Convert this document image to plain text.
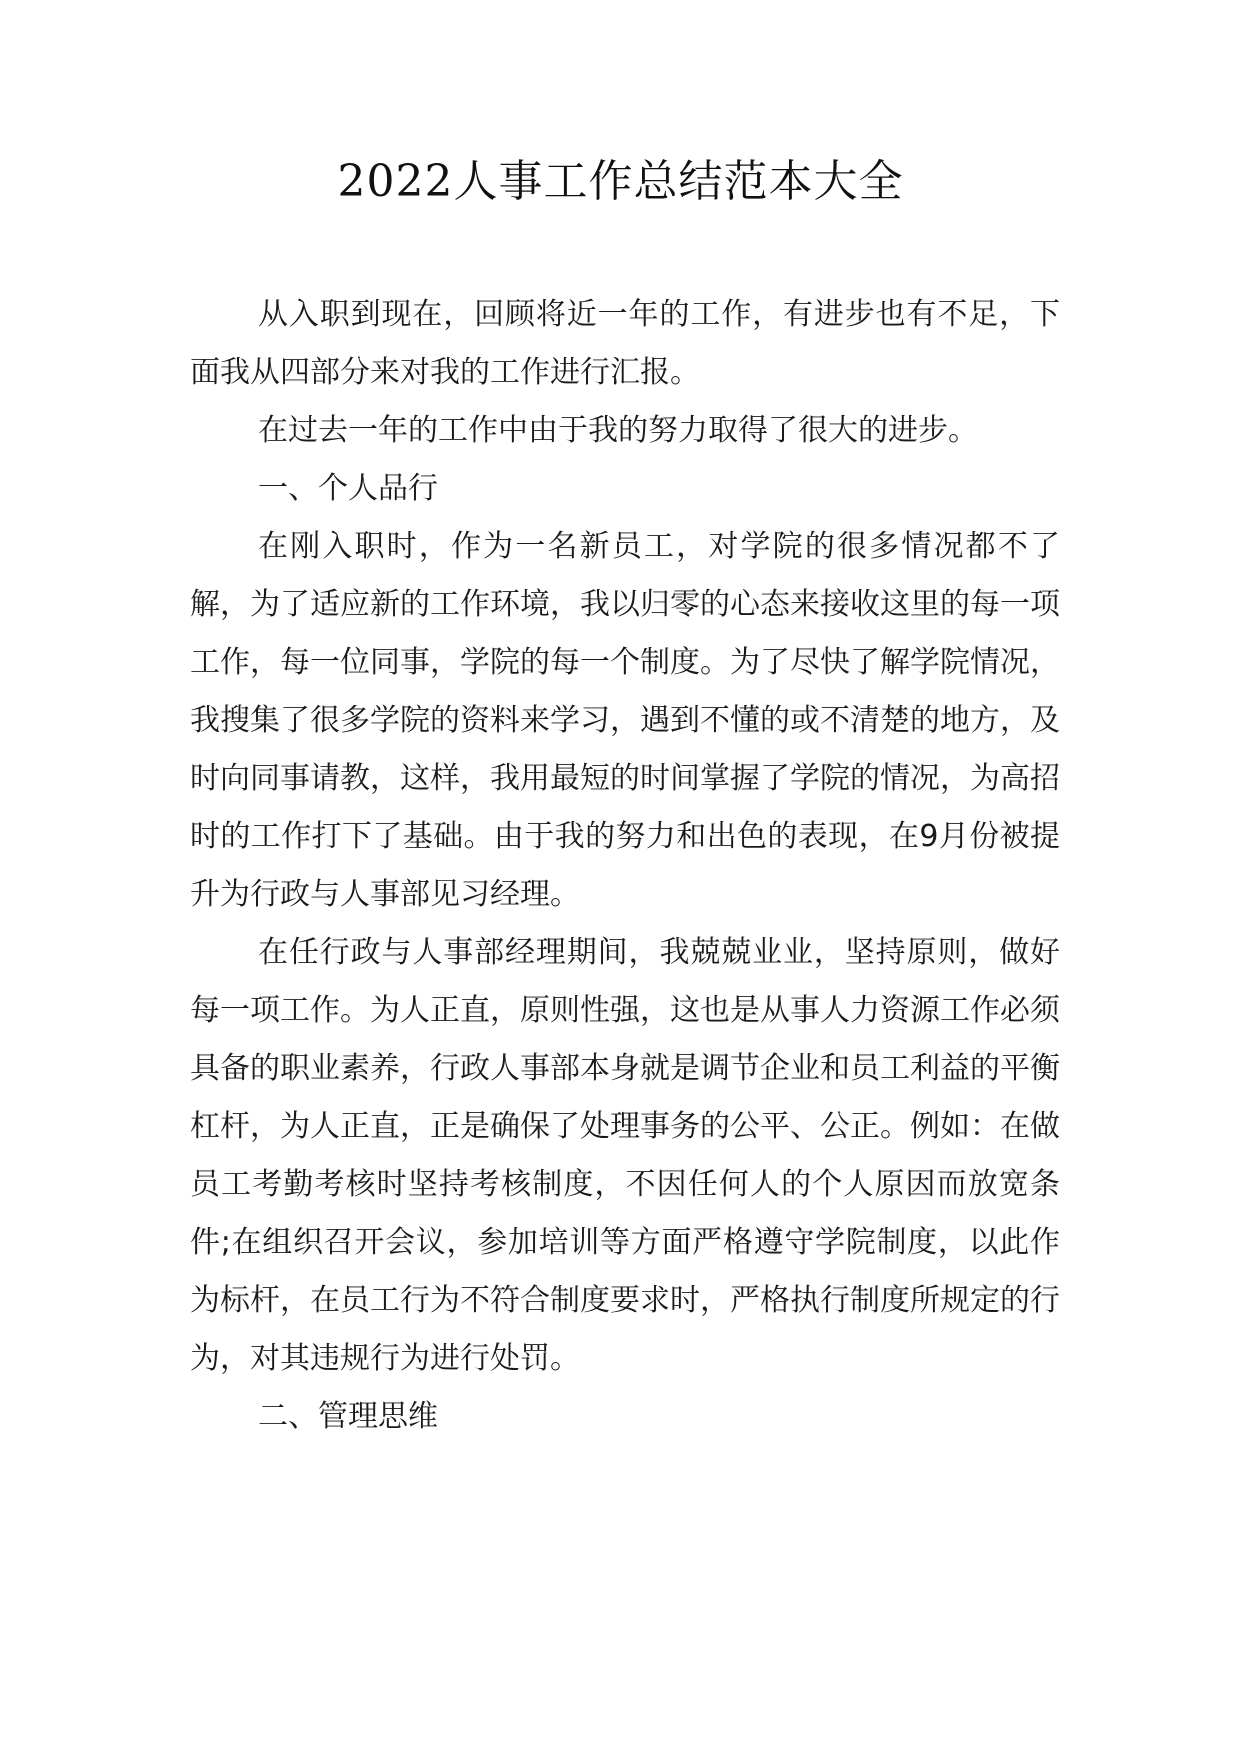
2022人事工作总结范本大全

从入职到现在，回顾将近一年的工作，有进步也有不足，下面我从四部分来对我的工作进行汇报。

在过去一年的工作中由于我的努力取得了很大的进步。

一、个人品行

在刚入职时，作为一名新员工，对学院的很多情况都不了解，为了适应新的工作环境，我以归零的心态来接收这里的每一项工作，每一位同事，学院的每一个制度。为了尽快了解学院情况，我搜集了很多学院的资料来学习，遇到不懂的或不清楚的地方，及时向同事请教，这样，我用最短的时间掌握了学院的情况，为高招时的工作打下了基础。由于我的努力和出色的表现，在9月份被提升为行政与人事部见习经理。

在任行政与人事部经理期间，我兢兢业业，坚持原则，做好每一项工作。为人正直，原则性强，这也是从事人力资源工作必须具备的职业素养，行政人事部本身就是调节企业和员工利益的平衡杠杆，为人正直，正是确保了处理事务的公平、公正。例如：在做员工考勤考核时坚持考核制度，不因任何人的个人原因而放宽条件;在组织召开会议，参加培训等方面严格遵守学院制度，以此作为标杆，在员工行为不符合制度要求时，严格执行制度所规定的行为，对其违规行为进行处罚。

二、管理思维
